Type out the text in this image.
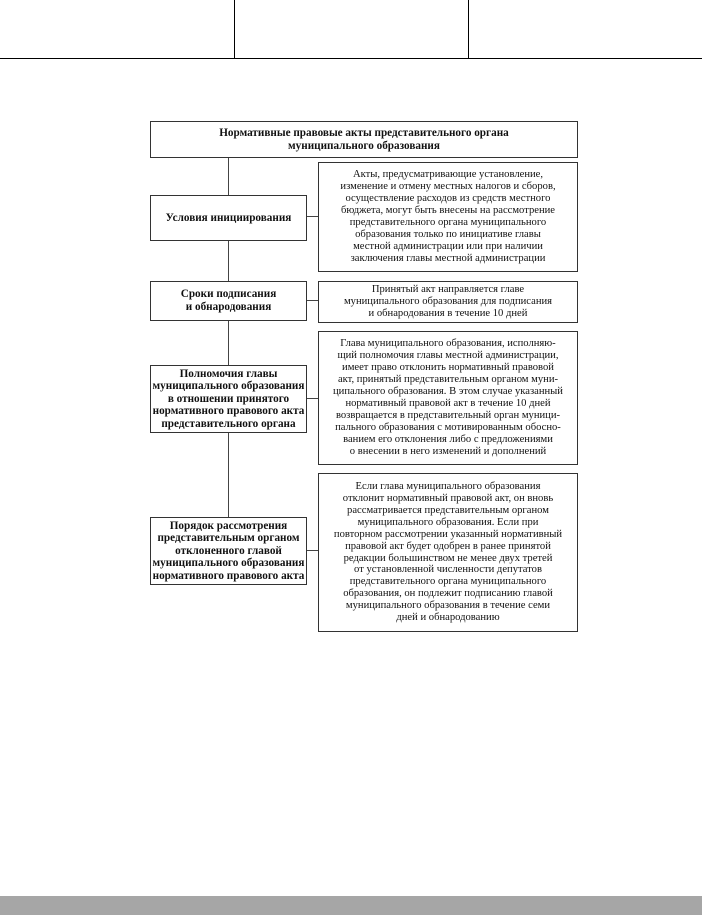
Нормативные правовые акты представительного органа
муниципального образования
Условия инициирования
Акты, предусматривающие установление,
изменение и отмену местных налогов и сборов,
осуществление расходов из средств местного
бюджета, могут быть внесены на рассмотрение
представительного органа муниципального
образования только по инициативе главы
местной администрации или при наличии
заключения главы местной администрации
Сроки подписания
и обнародования
Принятый акт направляется главе
муниципального образования для подписания
и обнародования в течение 10 дней
Полномочия главы
муниципального образования
в отношении принятого
нормативного правового акта
представительного органа
Глава муниципального образования, исполняю-
щий полномочия главы местной администрации,
имеет право отклонить нормативный правовой
акт, принятый представительным органом муни-
ципального образования. В этом случае указанный
нормативный правовой акт в течение 10 дней
возвращается в представительный орган муници-
пального образования с мотивированным обосно-
ванием его отклонения либо с предложениями
о внесении в него изменений и дополнений
Порядок рассмотрения
представительным органом
отклоненного главой
муниципального образования
нормативного правового акта
Если глава муниципального образования
отклонит нормативный правовой акт, он вновь
рассматривается представительным органом
муниципального образования. Если при
повторном рассмотрении указанный нормативный
правовой акт будет одобрен в ранее принятой
редакции большинством не менее двух третей
от установленной численности депутатов
представительного органа муниципального
образования, он подлежит подписанию главой
муниципального образования в течение семи
дней и обнародованию
